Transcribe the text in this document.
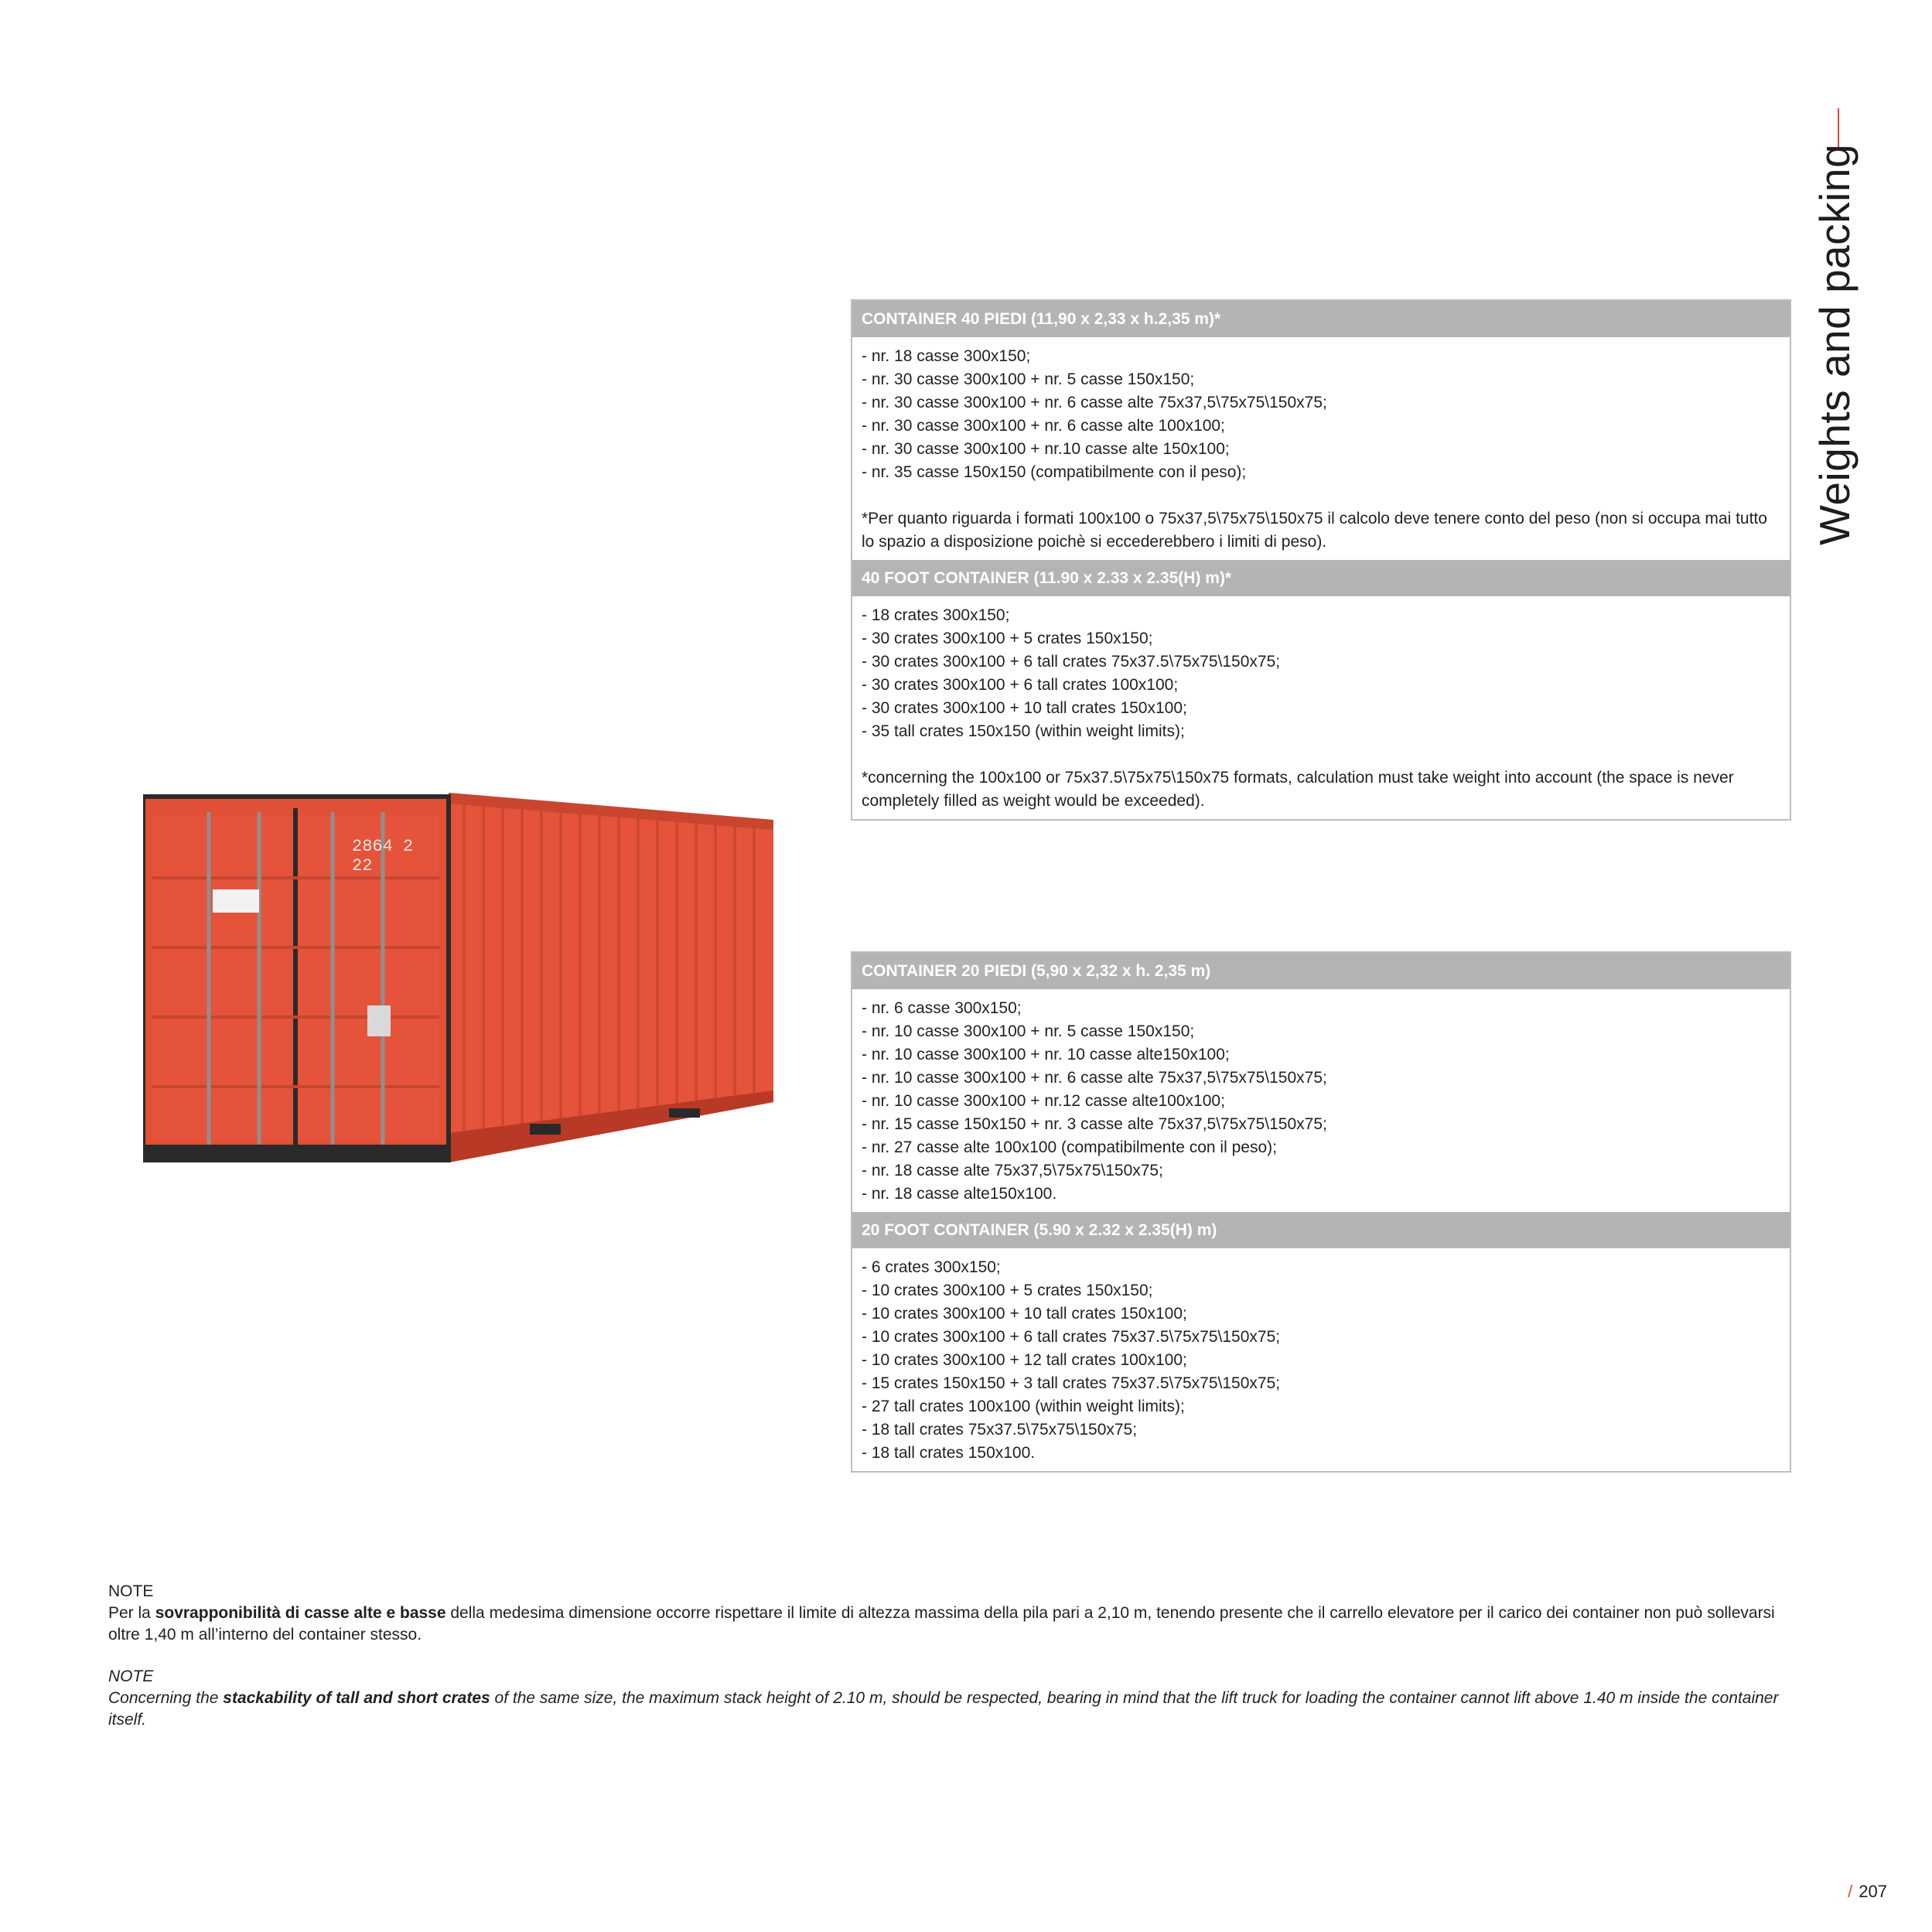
Weights and packing
CONTAINER 40 PIEDI (11,90 x 2,33 x h.2,35 m)*
- nr. 18 casse 300x150;
- nr. 30 casse 300x100 + nr. 5 casse 150x150;
- nr. 30 casse 300x100 + nr. 6 casse alte 75x37,5\75x75\150x75;
- nr. 30 casse 300x100 + nr. 6 casse alte 100x100;
- nr. 30 casse 300x100 + nr.10 casse alte 150x100;
- nr. 35 casse 150x150 (compatibilmente con il peso);
*Per quanto riguarda i formati 100x100 o 75x37,5\75x75\150x75 il calcolo deve tenere conto del peso (non si occupa mai tutto lo spazio a disposizione poichè si eccederebbero i limiti di peso).
40 FOOT CONTAINER (11.90 x 2.33 x 2.35(H) m)*
- 18 crates 300x150;
- 30 crates 300x100 + 5 crates 150x150;
- 30 crates 300x100 + 6 tall crates 75x37.5\75x75\150x75;
- 30 crates 300x100 + 6 tall crates 100x100;
- 30 crates 300x100 + 10 tall crates 150x100;
- 35 tall crates 150x150 (within weight limits);
*concerning the 100x100 or 75x37.5\75x75\150x75 formats, calculation must take weight into account (the space is never completely filled as weight would be exceeded).
CONTAINER 20 PIEDI (5,90 x 2,32 x h. 2,35 m)
- nr. 6 casse 300x150;
- nr. 10 casse 300x100 + nr. 5 casse 150x150;
- nr. 10 casse 300x100 + nr. 10 casse alte150x100;
- nr. 10 casse 300x100 + nr. 6 casse alte 75x37,5\75x75\150x75;
- nr. 10 casse 300x100 + nr.12 casse alte100x100;
- nr. 15 casse 150x150 + nr. 3 casse alte 75x37,5\75x75\150x75;
- nr. 27 casse alte 100x100 (compatibilmente con il peso);
- nr. 18 casse alte 75x37,5\75x75\150x75;
- nr. 18 casse alte150x100.
20 FOOT CONTAINER (5.90 x 2.32 x 2.35(H) m)
- 6 crates 300x150;
- 10 crates 300x100 + 5 crates 150x150;
- 10 crates 300x100 + 10 tall crates 150x100;
- 10 crates 300x100 + 6 tall crates 75x37.5\75x75\150x75;
- 10 crates 300x100 + 12 tall crates 100x100;
- 15 crates 150x150 + 3 tall crates 75x37.5\75x75\150x75;
- 27 tall crates 100x100 (within weight limits);
- 18 tall crates 75x37.5\75x75\150x75;
- 18 tall crates 150x100.
2864 2
22
NOTE
Per la sovrapponibilità di casse alte e basse della medesima dimensione occorre rispettare il limite di altezza massima della pila pari a 2,10 m, tenendo presente che il carrello elevatore per il carico dei container non può sollevarsi oltre 1,40 m all’interno del container stesso.
NOTE
Concerning the stackability of tall and short crates of the same size, the maximum stack height of 2.10 m, should be respected, bearing in mind that the lift truck for loading the container cannot lift above 1.40 m inside the container itself.
/ 207
